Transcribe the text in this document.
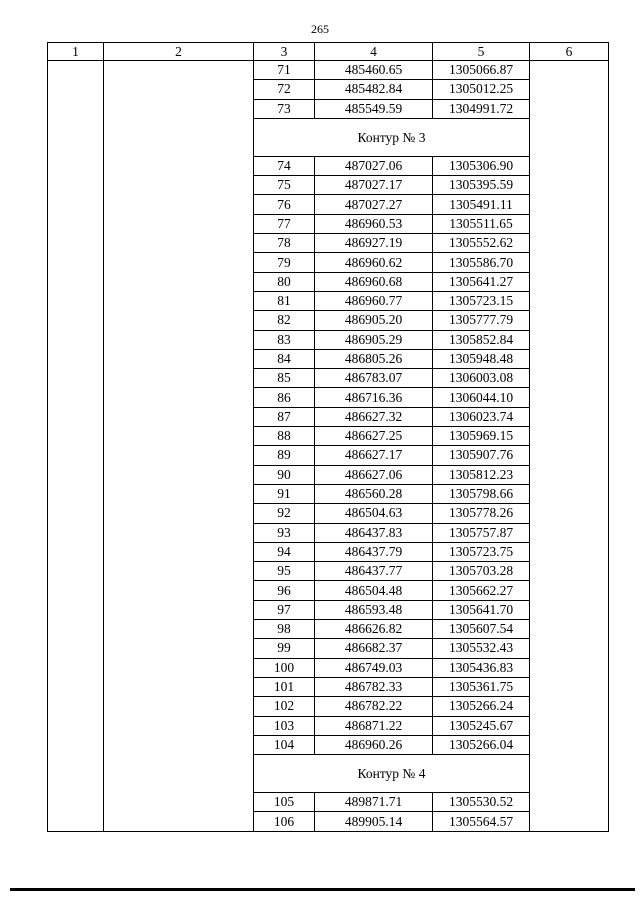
265
1	2	3	4	5	6
		71	485460.65	1305066.87	
		72	485482.84	1305012.25	
		73	485549.59	1304991.72	
		Контур № 3			
		74	487027.06	1305306.90	
		75	487027.17	1305395.59	
		76	487027.27	1305491.11	
		77	486960.53	1305511.65	
		78	486927.19	1305552.62	
		79	486960.62	1305586.70	
		80	486960.68	1305641.27	
		81	486960.77	1305723.15	
		82	486905.20	1305777.79	
		83	486905.29	1305852.84	
		84	486805.26	1305948.48	
		85	486783.07	1306003.08	
		86	486716.36	1306044.10	
		87	486627.32	1306023.74	
		88	486627.25	1305969.15	
		89	486627.17	1305907.76	
		90	486627.06	1305812.23	
		91	486560.28	1305798.66	
		92	486504.63	1305778.26	
		93	486437.83	1305757.87	
		94	486437.79	1305723.75	
		95	486437.77	1305703.28	
		96	486504.48	1305662.27	
		97	486593.48	1305641.70	
		98	486626.82	1305607.54	
		99	486682.37	1305532.43	
		100	486749.03	1305436.83	
		101	486782.33	1305361.75	
		102	486782.22	1305266.24	
		103	486871.22	1305245.67	
		104	486960.26	1305266.04	
		Контур № 4			
		105	489871.71	1305530.52	
		106	489905.14	1305564.57	
